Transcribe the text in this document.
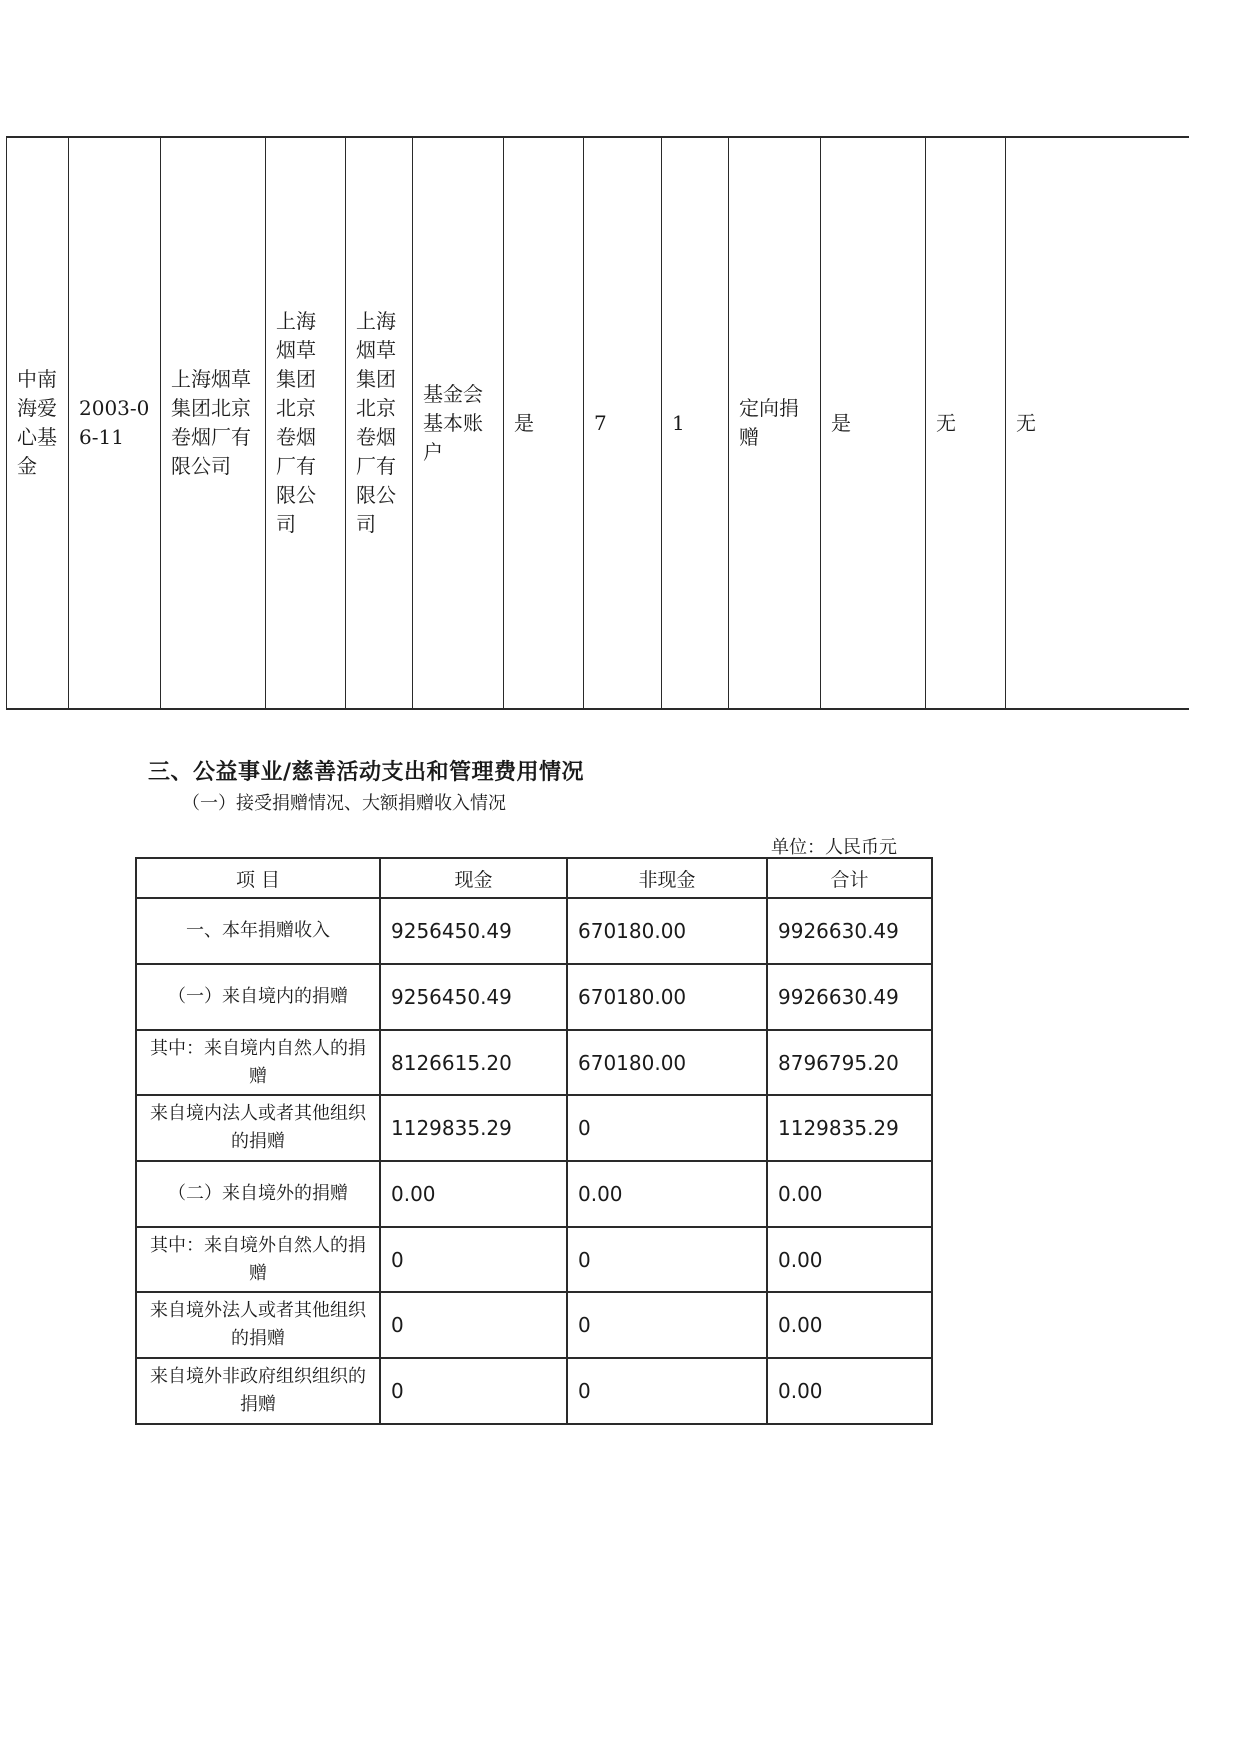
中南海爱心基金	2003-06-11	上海烟草集团北京卷烟厂有限公司	上海烟草集团北京卷烟厂有限公司	上海烟草集团北京卷烟厂有限公司	基金会基本账户	是	7	1	定向捐赠	是	无	无
三、公益事业/慈善活动支出和管理费用情况
（一）接受捐赠情况、大额捐赠收入情况
单位：人民币元
项 目	现金	非现金	合计
一、本年捐赠收入	9256450.49	670180.00	9926630.49
（一）来自境内的捐赠	9256450.49	670180.00	9926630.49
其中：来自境内自然人的捐赠	8126615.20	670180.00	8796795.20
来自境内法人或者其他组织的捐赠	1129835.29	0	1129835.29
（二）来自境外的捐赠	0.00	0.00	0.00
其中：来自境外自然人的捐赠	0	0	0.00
来自境外法人或者其他组织的捐赠	0	0	0.00
来自境外非政府组织组织的捐赠	0	0	0.00
